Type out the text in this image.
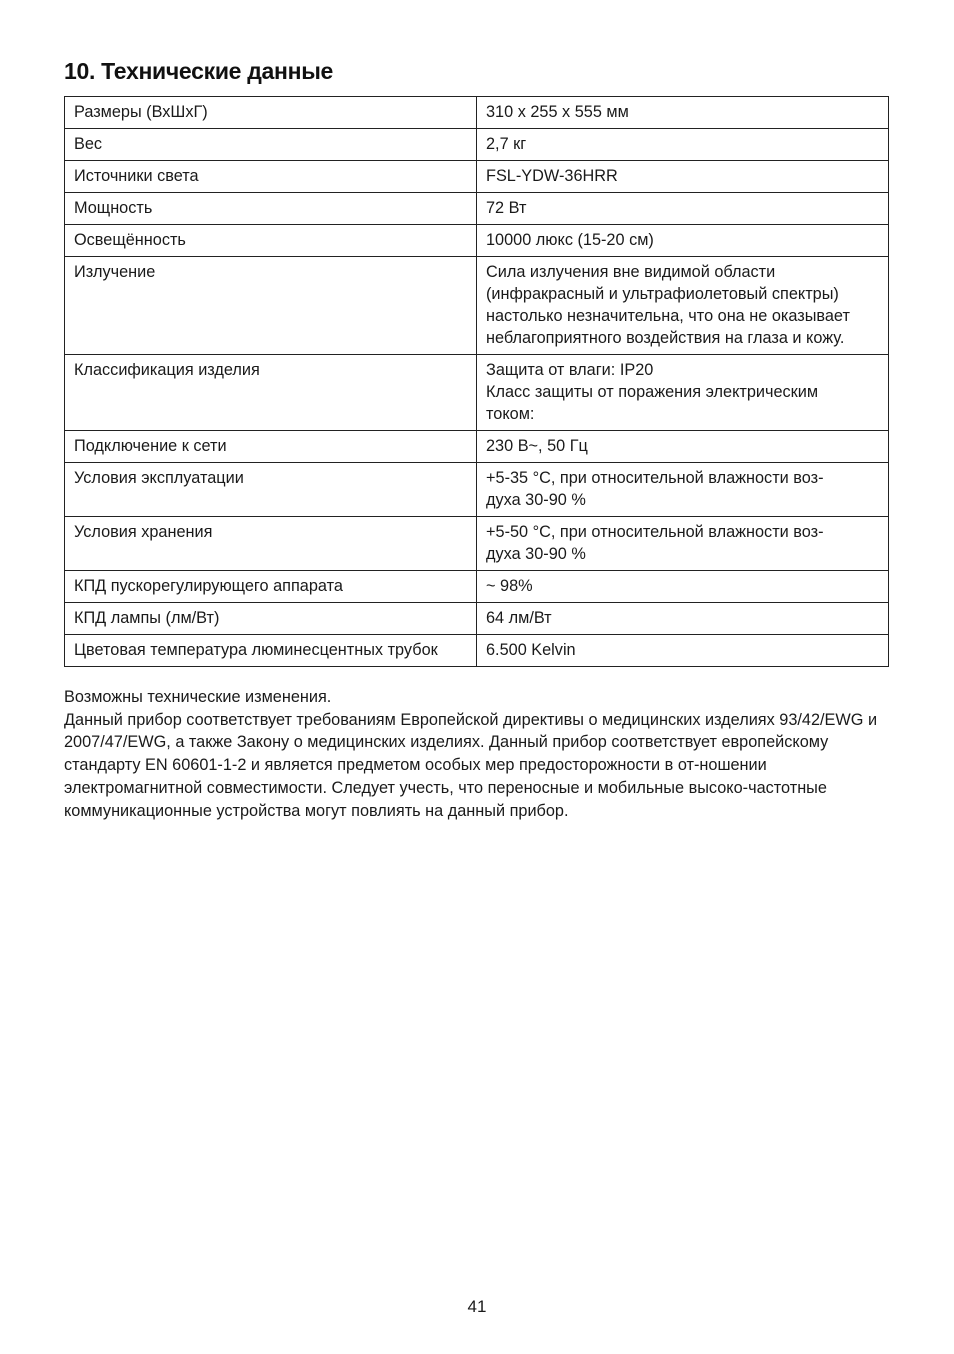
10. Технические данные
Размеры (ВхШхГ)	310 x 255 x 555 мм
Вес	2,7 кг
Источники света	FSL-YDW-36HRR
Мощность	72 Вт
Освещённость	10000 люкс (15-20 см)
Излучение	Сила излучения вне видимой области
(инфракрасный и ультрафиолетовый спектры)
настолько незначительна, что она не оказывает
неблагоприятного воздействия на глаза и кожу.
Классификация изделия	Защита от влаги: IP20
Класс защиты от поражения электрическим
током:
Подключение к сети	230 В~, 50 Гц
Условия эксплуатации	+5-35 °C, при относительной влажности воз-
духа 30-90 %
Условия хранения	+5-50 °C, при относительной влажности воз-
духа 30-90 %
КПД пускорегулирующего аппарата	~ 98%
КПД лампы (лм/Вт)	64 лм/Вт
Цветовая температура люминесцентных трубок	6.500 Kelvin

Возможны технические изменения.

Данный прибор соответствует требованиям Европейской директивы о медицинских изделиях 93/42/EWG и 2007/47/EWG, а также Закону о медицинских изделиях. Данный прибор соответствует европейскому стандарту EN 60601-1-2 и является предметом особых мер предосторожности в от-ношении электромагнитной совместимости. Следует учесть, что переносные и мобильные высоко-частотные коммуникационные устройства могут повлиять на данный прибор.

41
